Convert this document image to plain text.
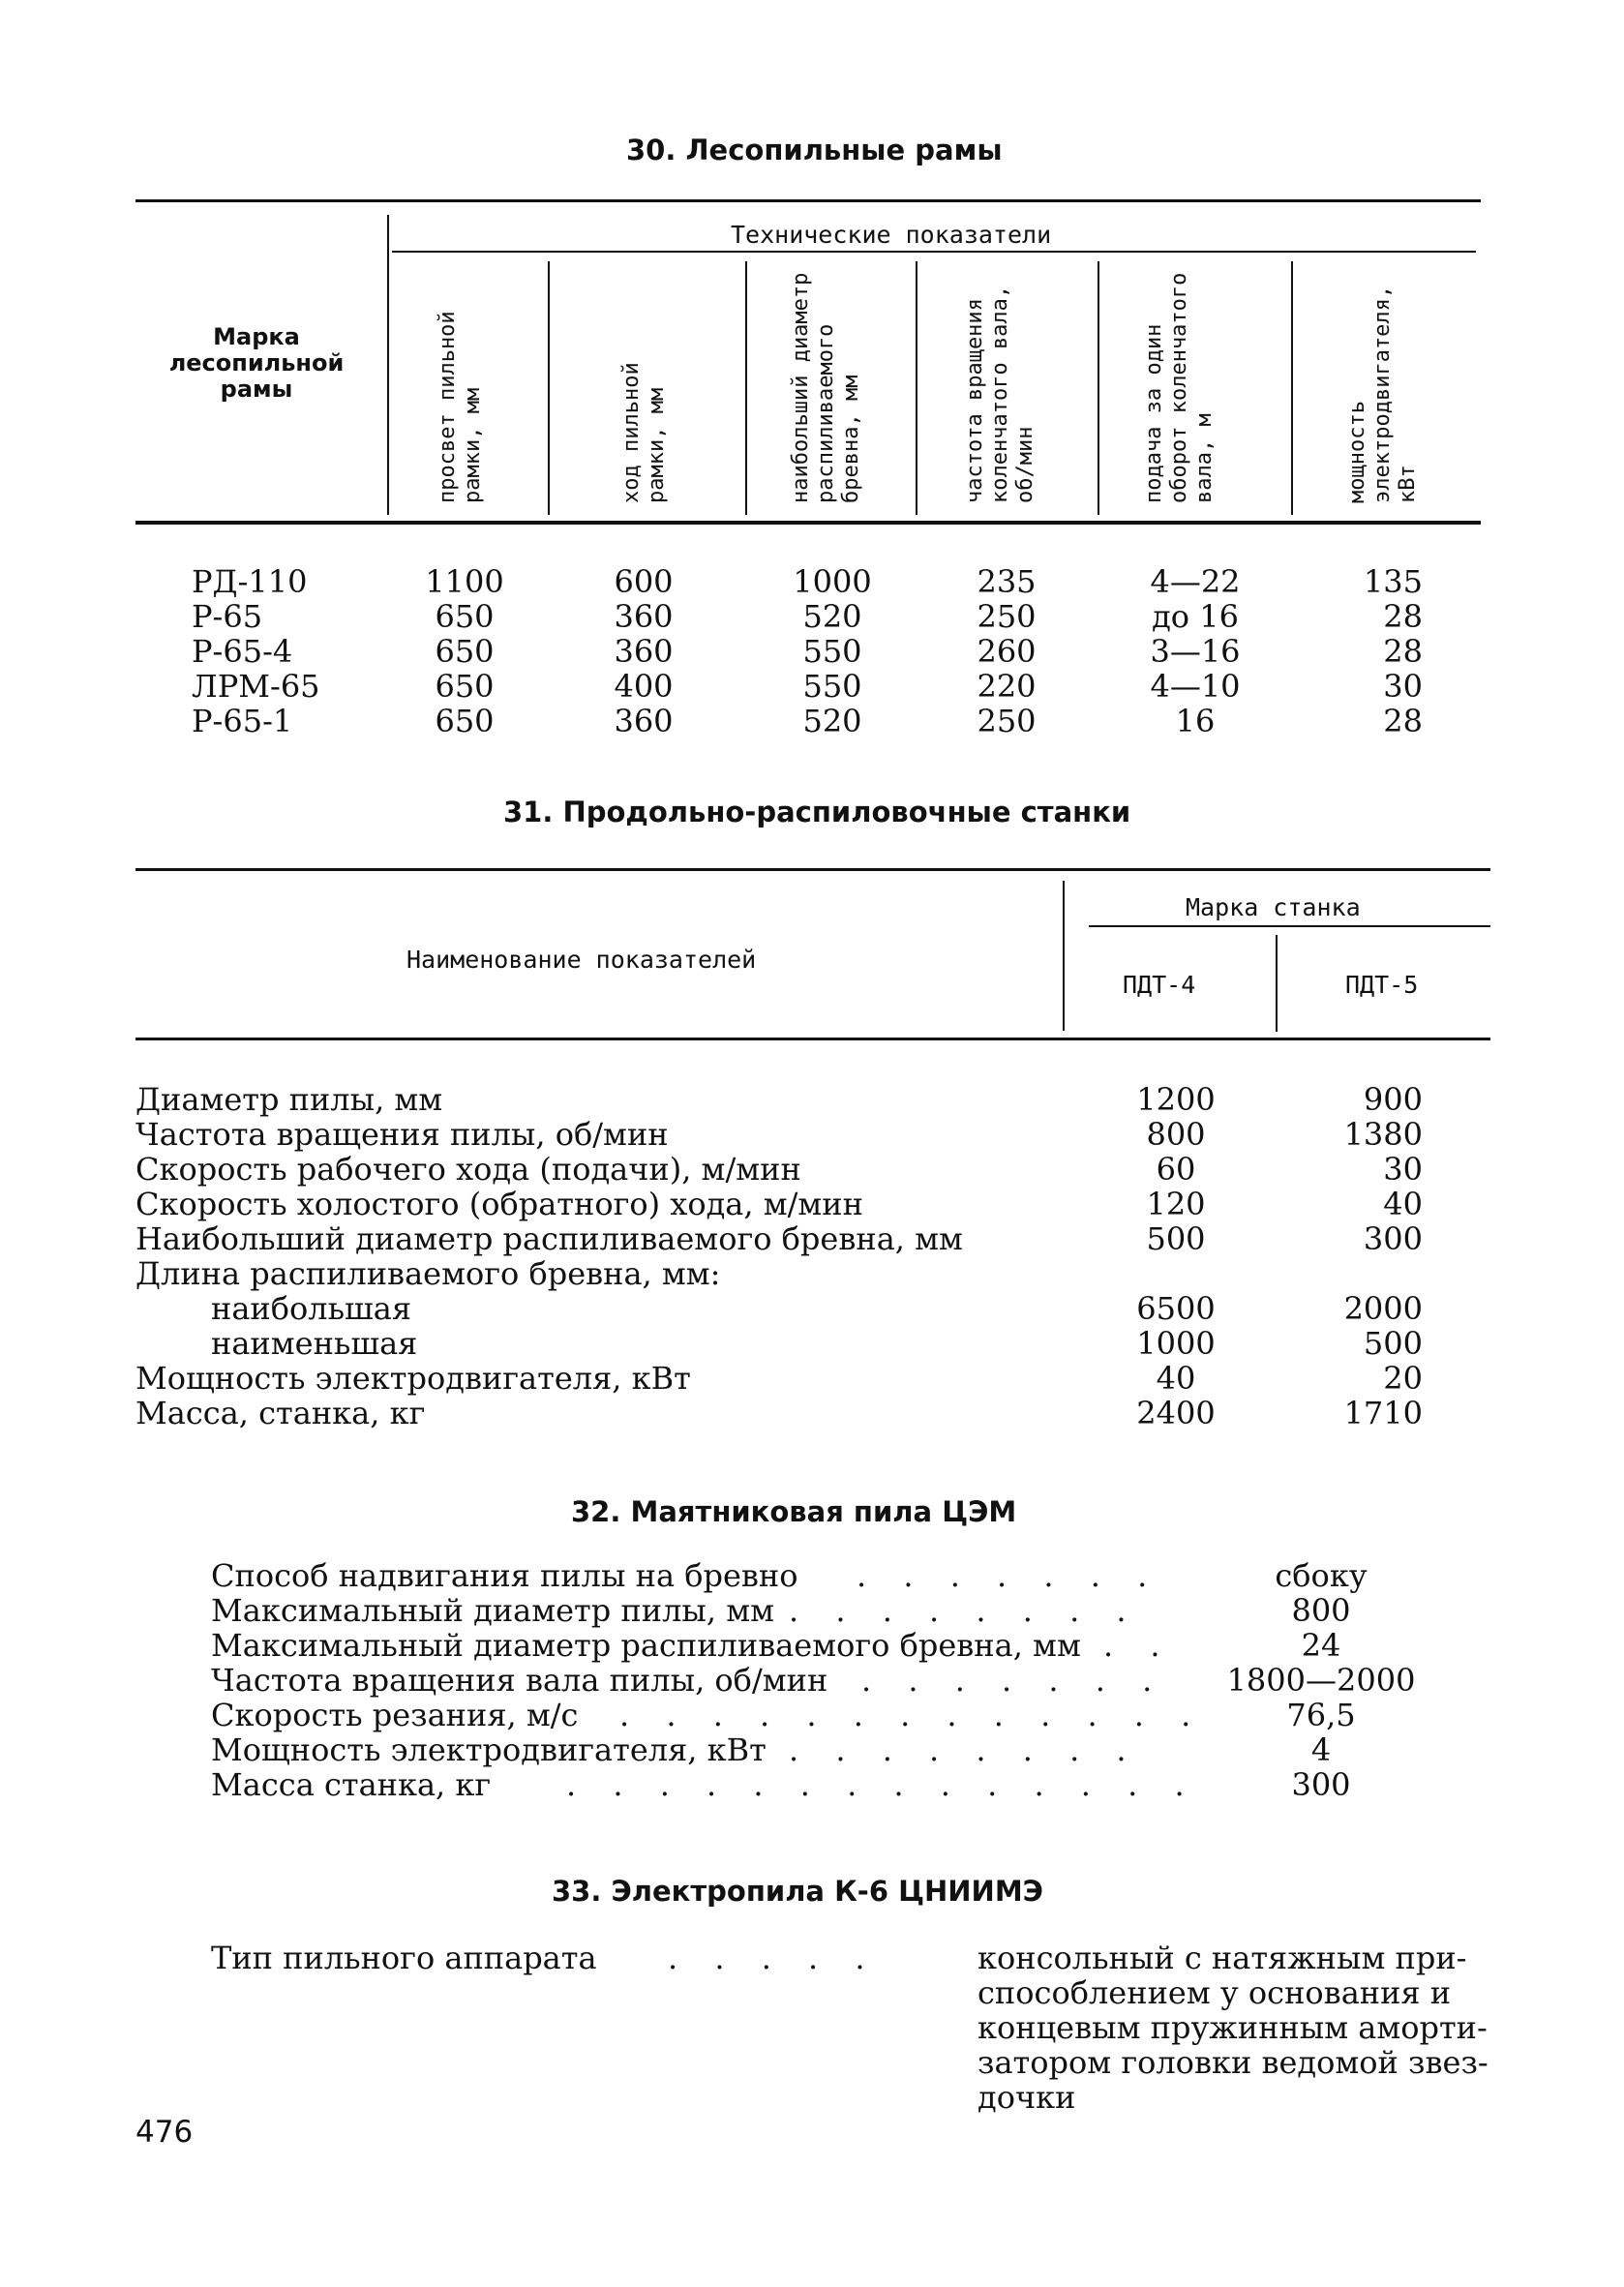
30. Лесопильные рамы
Технические показатели
Марка лесопильной рамы	просвет пильной рамки, мм	ход пильной рамки, мм	наибольший диаметр распиливаемого бревна, мм	частота вращения коленчатого вала, об/мин	подача за один оборот коленчатого вала, м	мощность электродвигателя, кВт
РД-110	1100	600	1000	235	4—22	135
Р-65	650	360	520	250	до 16	28
Р-65-4	650	360	550	260	3—16	28
ЛРМ-65	650	400	550	220	4—10	30
Р-65-1	650	360	520	250	16	28
31. Продольно-распиловочные станки
Наименование показателей
Марка станка
ПДТ-4	ПДТ-5
Диаметр пилы, мм	1200	900
Частота вращения пилы, об/мин	800	1380
Скорость рабочего хода (подачи), м/мин	60	30
Скорость холостого (обратного) хода, м/мин	120	40
Наибольший диаметр распиливаемого бревна, мм	500	300
Длина распиливаемого бревна, мм:
наибольшая	6500	2000
наименьшая	1000	500
Мощность электродвигателя, кВт	40	20
Масса, станка, кг	2400	1710
32. Маятниковая пила ЦЭМ
Способ надвигания пилы на бревно . . . . . . .	сбоку
Максимальный диаметр пилы, мм . . . . . . . .	800
Максимальный диаметр распиливаемого бревна, мм . .	24
Частота вращения вала пилы, об/мин . . . . . . . 1800—2000
Скорость резания, м/с . . . . . . . . . . . . .	76,5
Мощность электродвигателя, кВт . . . . . . . .	4
Масса станка, кг . . . . . . . . . . . . . .	300
33. Электропила К-6 ЦНИИМЭ
Тип пильного аппарата . . . . .	консольный с натяжным при-
способлением у основания и
концевым пружинным аморти-
затором головки ведомой звез-
дочки
476
